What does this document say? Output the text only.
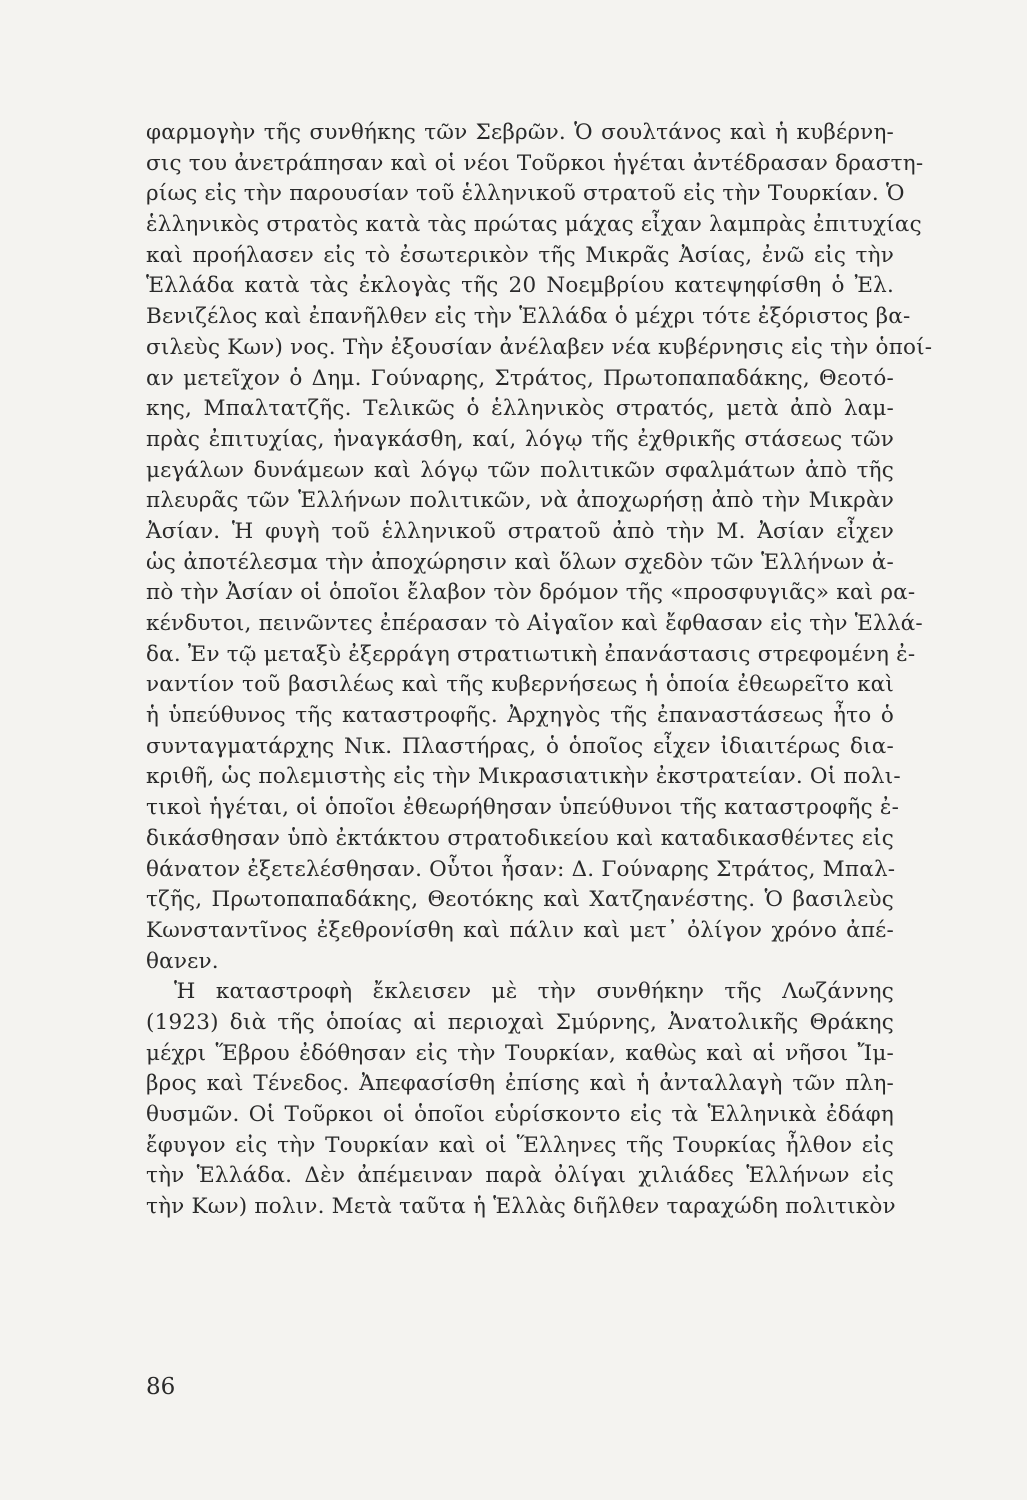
φαρμογὴν τῆς συνθήκης τῶν Σεβρῶν. Ὁ σουλτάνος καὶ ἡ κυβέρνη-
σις του ἀνετράπησαν καὶ οἱ νέοι Τοῦρκοι ἡγέται ἀντέδρασαν δραστη-
ρίως εἰς τὴν παρουσίαν τοῦ ἑλληνικοῦ στρατοῦ εἰς τὴν Τουρκίαν. Ὁ
ἑλληνικὸς στρατὸς κατὰ τὰς πρώτας μάχας εἶχαν λαμπρὰς ἐπιτυχίας
καὶ προήλασεν εἰς τὸ ἐσωτερικὸν τῆς Μικρᾶς Ἀσίας, ἐνῶ εἰς τὴν
Ἑλλάδα κατὰ τὰς ἐκλογὰς τῆς 20 Νοεμβρίου κατεψηφίσθη ὁ Ἐλ.
Βενιζέλος καὶ ἐπανῆλθεν εἰς τὴν Ἑλλάδα ὁ μέχρι τότε ἐξόριστος βα-
σιλεὺς Κων) νος. Τὴν ἐξουσίαν ἀνέλαβεν νέα κυβέρνησις εἰς τὴν ὁποί-
αν μετεῖχον ὁ Δημ. Γούναρης, Στράτος, Πρωτοπαπαδάκης, Θεοτό-
κης, Μπαλτατζῆς. Τελικῶς ὁ ἑλληνικὸς στρατός, μετὰ ἀπὸ λαμ-
πρὰς ἐπιτυχίας, ἠναγκάσθη, καί, λόγῳ τῆς ἐχθρικῆς στάσεως τῶν
μεγάλων δυνάμεων καὶ λόγῳ τῶν πολιτικῶν σφαλμάτων ἀπὸ τῆς
πλευρᾶς τῶν Ἑλλήνων πολιτικῶν, νὰ ἀποχωρήσῃ ἀπὸ τὴν Μικρὰν
Ἀσίαν. Ἡ φυγὴ τοῦ ἑλληνικοῦ στρατοῦ ἀπὸ τὴν Μ. Ἀσίαν εἶχεν
ὡς ἀποτέλεσμα τὴν ἀποχώρησιν καὶ ὅλων σχεδὸν τῶν Ἑλλήνων ἀ-
πὸ τὴν Ἀσίαν οἱ ὁποῖοι ἔλαβον τὸν δρόμον τῆς «προσφυγιᾶς» καὶ ρα-
κένδυτοι, πεινῶντες ἐπέρασαν τὸ Αἰγαῖον καὶ ἔφθασαν εἰς τὴν Ἑλλά-
δα. Ἐν τῷ μεταξὺ ἐξερράγη στρατιωτικὴ ἐπανάστασις στρεφομένη ἐ-
ναντίον τοῦ βασιλέως καὶ τῆς κυβερνήσεως ἡ ὁποία ἐθεωρεῖτο καὶ
ἡ ὑπεύθυνος τῆς καταστροφῆς. Ἀρχηγὸς τῆς ἐπαναστάσεως ἦτο ὁ
συνταγματάρχης Νικ. Πλαστήρας, ὁ ὁποῖος εἶχεν ἰδιαιτέρως δια-
κριθῆ, ὡς πολεμιστὴς εἰς τὴν Μικρασιατικὴν ἐκστρατείαν. Οἱ πολι-
τικοὶ ἡγέται, οἱ ὁποῖοι ἐθεωρήθησαν ὑπεύθυνοι τῆς καταστροφῆς ἐ-
δικάσθησαν ὑπὸ ἐκτάκτου στρατοδικείου καὶ καταδικασθέντες εἰς
θάνατον ἐξετελέσθησαν. Οὗτοι ἦσαν: Δ. Γούναρης Στράτος, Μπαλ-
τζῆς, Πρωτοπαπαδάκης, Θεοτόκης καὶ Χατζηανέστης. Ὁ βασιλεὺς
Κωνσταντῖνος ἐξεθρονίσθη καὶ πάλιν καὶ μετ᾽ ὀλίγον χρόνο ἀπέ-
θανεν.
Ἡ καταστροφὴ ἔκλεισεν μὲ τὴν συνθήκην τῆς Λωζάννης
(1923) διὰ τῆς ὁποίας αἱ περιοχαὶ Σμύρνης, Ἀνατολικῆς Θράκης
μέχρι Ἕβρου ἐδόθησαν εἰς τὴν Τουρκίαν, καθὼς καὶ αἱ νῆσοι Ἴμ-
βρος καὶ Τένεδος. Ἀπεφασίσθη ἐπίσης καὶ ἡ ἀνταλλαγὴ τῶν πλη-
θυσμῶν. Οἱ Τοῦρκοι οἱ ὁποῖοι εὑρίσκοντο εἰς τὰ Ἑλληνικὰ ἐδάφη
ἔφυγον εἰς τὴν Τουρκίαν καὶ οἱ Ἕλληνες τῆς Τουρκίας ἦλθον εἰς
τὴν Ἑλλάδα. Δὲν ἀπέμειναν παρὰ ὀλίγαι χιλιάδες Ἑλλήνων εἰς
τὴν Κων) πολιν. Μετὰ ταῦτα ἡ Ἑλλὰς διῆλθεν ταραχώδη πολιτικὸν
86
